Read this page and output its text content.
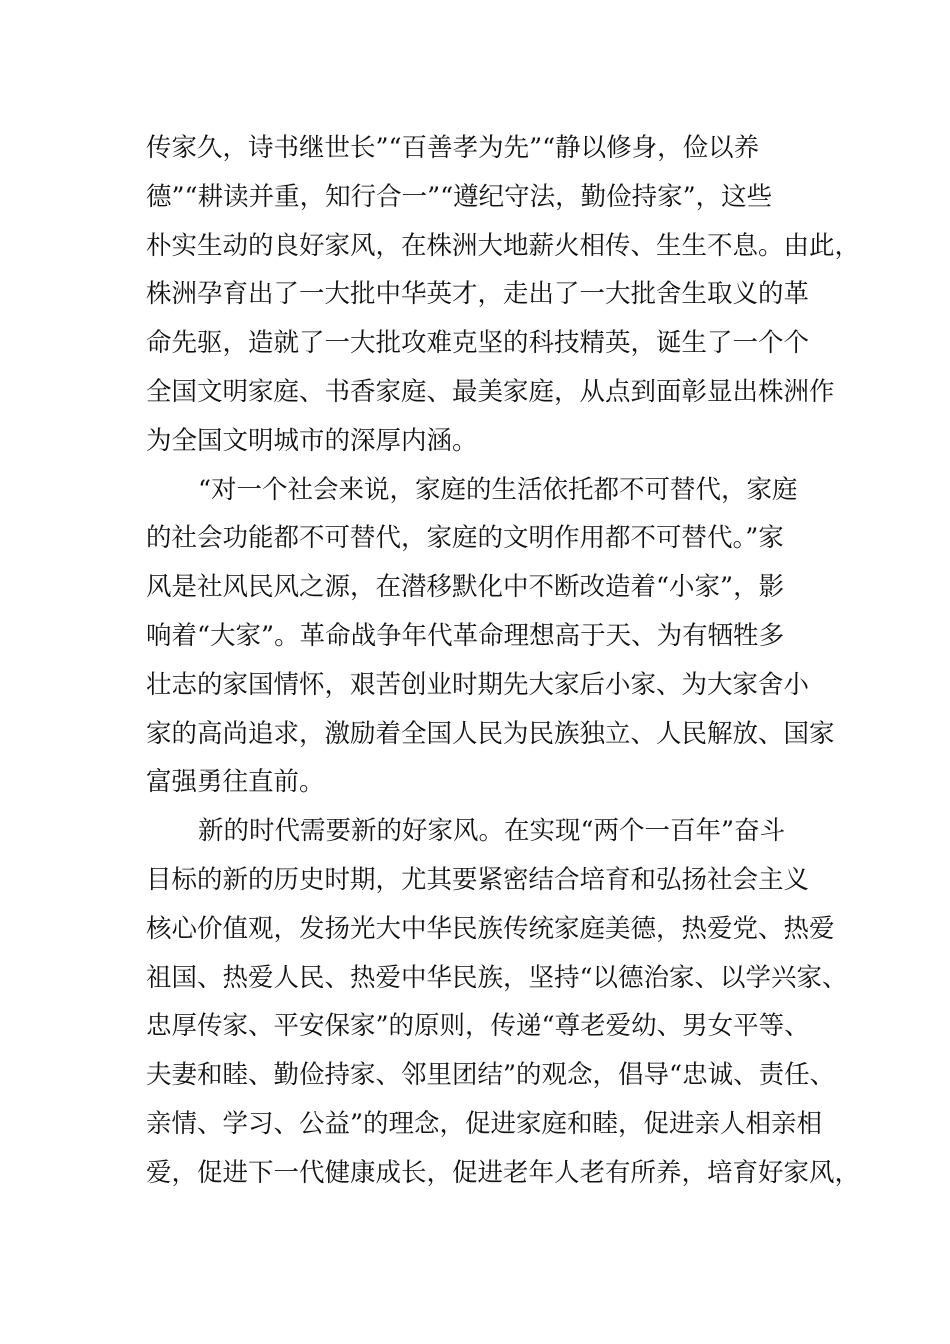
传家久，诗书继世长”“百善孝为先”“静以修身，俭以养
德”“耕读并重，知行合一”“遵纪守法，勤俭持家”，这些
朴实生动的良好家风，在株洲大地薪火相传、生生不息。由此，
株洲孕育出了一大批中华英才，走出了一大批舍生取义的革
命先驱，造就了一大批攻难克坚的科技精英，诞生了一个个
全国文明家庭、书香家庭、最美家庭，从点到面彰显出株洲作
为全国文明城市的深厚内涵。
“对一个社会来说，家庭的生活依托都不可替代，家庭
的社会功能都不可替代，家庭的文明作用都不可替代。”家
风是社风民风之源，在潜移默化中不断改造着“小家”，影
响着“大家”。革命战争年代革命理想高于天、为有牺牲多
壮志的家国情怀，艰苦创业时期先大家后小家、为大家舍小
家的高尚追求，激励着全国人民为民族独立、人民解放、国家
富强勇往直前。
新的时代需要新的好家风。在实现“两个一百年”奋斗
目标的新的历史时期，尤其要紧密结合培育和弘扬社会主义
核心价值观，发扬光大中华民族传统家庭美德，热爱党、热爱
祖国、热爱人民、热爱中华民族，坚持“以德治家、以学兴家、
忠厚传家、平安保家”的原则，传递“尊老爱幼、男女平等、
夫妻和睦、勤俭持家、邻里团结”的观念，倡导“忠诚、责任、
亲情、学习、公益”的理念，促进家庭和睦，促进亲人相亲相
爱，促进下一代健康成长，促进老年人老有所养，培育好家风，
